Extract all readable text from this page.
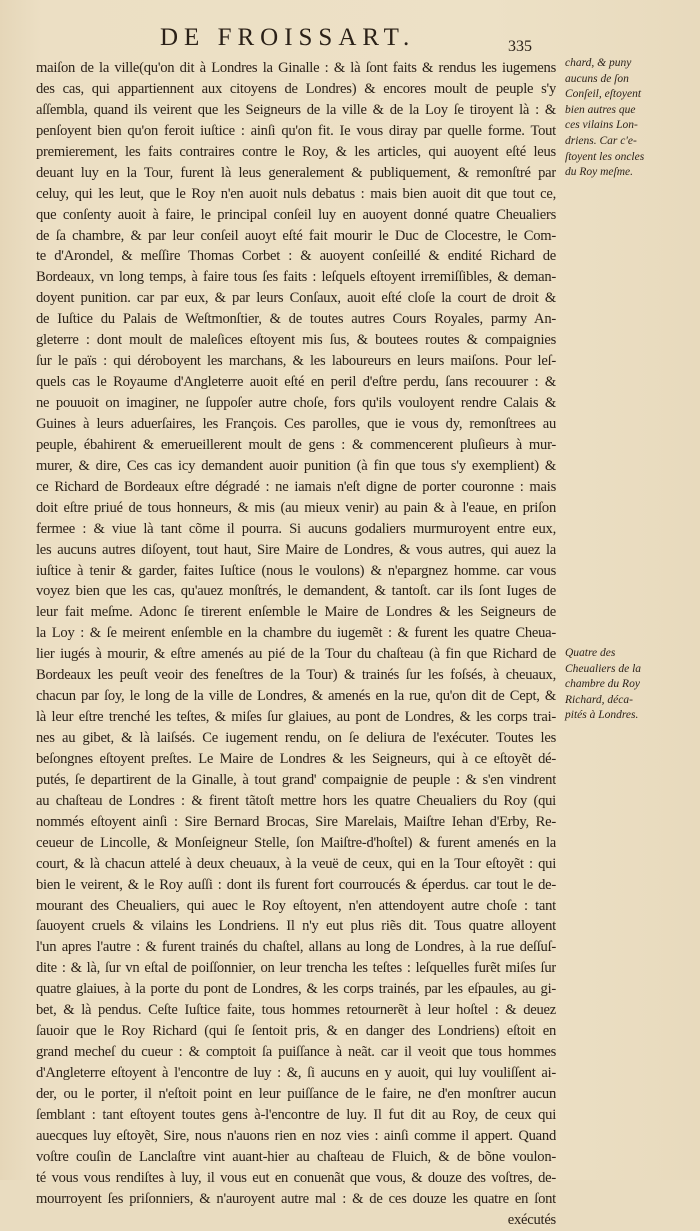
DE FROISSART.	335
maiſon de la ville(qu'on dit à Londres la Ginalle : & là ſont faits & rendus les iugemens
des cas, qui appartiennent aux citoyens de Londres) & encores moult de peuple s'y
aſſembla, quand ils veirent que les Seigneurs de la ville & de la Loy ſe tiroyent là : &
penſoyent bien qu'on feroit iuſtice : ainſi qu'on fit. Ie vous diray par quelle forme. Tout
premierement, les faits contraires contre le Roy, & les articles, qui auoyent eſté leus
deuant luy en la Tour, furent là leus generalement & publiquement, & remonſtré par
celuy, qui les leut, que le Roy n'en auoit nuls debatus : mais bien auoit dit que tout ce,
que conſenty auoit à faire, le principal conſeil luy en auoyent donné quatre Cheualiers
de ſa chambre, & par leur conſeil auoyt eſté fait mourir le Duc de Clocestre, le Com-
te d'Arondel, & meſſire Thomas Corbet : & auoyent conſeillé & endité Richard de
Bordeaux, vn long temps, à faire tous ſes faits : leſquels eſtoyent irremiſſibles, & deman-
doyent punition. car par eux, & par leurs Conſaux, auoit eſté cloſe la court de droit &
de Iuſtice du Palais de Weſtmonſtier, & de toutes autres Cours Royales, parmy An-
gleterre : dont moult de maleſices eſtoyent mis ſus, & boutees routes & compaignies
ſur le païs : qui déroboyent les marchans, & les laboureurs en leurs maiſons. Pour leſ-
quels cas le Royaume d'Angleterre auoit eſté en peril d'eſtre perdu, ſans recouurer : &
ne pouuoit on imaginer, ne ſuppoſer autre choſe, fors qu'ils vouloyent rendre Calais &
Guines à leurs aduerſaires, les François. Ces parolles, que ie vous dy, remonſtrees au
peuple, ébahirent & emerueillerent moult de gens : & commencerent pluſieurs à mur-
murer, & dire, Ces cas icy demandent auoir punition (à fin que tous s'y exemplient) &
ce Richard de Bordeaux eſtre dégradé : ne iamais n'eſt digne de porter couronne : mais
doit eſtre priué de tous honneurs, & mis (au mieux venir) au pain & à l'eaue, en priſon
fermee : & viue là tant cõme il pourra. Si aucuns godaliers murmuroyent entre eux,
les aucuns autres diſoyent, tout haut, Sire Maire de Londres, & vous autres, qui auez la
iuſtice à tenir & garder, faites Iuſtice (nous le voulons) & n'epargnez homme. car vous
voyez bien que les cas, qu'auez monſtrés, le demandent, & tantoſt. car ils ſont Iuges de
leur fait meſme. Adonc ſe tirerent enſemble le Maire de Londres & les Seigneurs de
la Loy : & ſe meirent enſemble en la chambre du iugemẽt : & furent les quatre Cheua-
lier iugés à mourir, & eſtre amenés au pié de la Tour du chaſteau (à fin que Richard de
Bordeaux les peuſt veoir des feneſtres de la Tour) & trainés ſur les foſsés, à cheuaux,
chacun par ſoy, le long de la ville de Londres, & amenés en la rue, qu'on dit de Cept, &
là leur eſtre trenché les teſtes, & miſes ſur glaiues, au pont de Londres, & les corps trai-
nes au gibet, & là laiſsés. Ce iugement rendu, on ſe deliura de l'exécuter. Toutes les
beſongnes eſtoyent preſtes. Le Maire de Londres & les Seigneurs, qui à ce eſtoyẽt dé-
putés, ſe departirent de la Ginalle, à tout grand' compaignie de peuple : & s'en vindrent
au chaſteau de Londres : & firent tãtoſt mettre hors les quatre Cheualiers du Roy (qui
nommés eſtoyent ainſi : Sire Bernard Brocas, Sire Marelais, Maiſtre Iehan d'Erby, Re-
ceueur de Lincolle, & Monſeigneur Stelle, ſon Maiſtre-d'hoſtel) & furent amenés en la
court, & là chacun attelé à deux cheuaux, à la veuë de ceux, qui en la Tour eſtoyẽt : qui
bien le veirent, & le Roy auſſi : dont ils furent fort courroucés & éperdus. car tout le de-
mourant des Cheualiers, qui auec le Roy eſtoyent, n'en attendoyent autre choſe : tant
ſauoyent cruels & vilains les Londriens. Il n'y eut plus riẽs dit. Tous quatre alloyent
l'un apres l'autre : & furent trainés du chaſtel, allans au long de Londres, à la rue deſſuſ-
dite : & là, ſur vn eſtal de poiſſonnier, on leur trencha les teſtes : leſquelles furẽt miſes ſur
quatre glaiues, à la porte du pont de Londres, & les corps trainés, par les eſpaules, au gi-
bet, & là pendus. Ceſte Iuſtice faite, tous hommes retournerẽt à leur hoſtel : & deuez
ſauoir que le Roy Richard (qui ſe ſentoit pris, & en danger des Londriens) eſtoit en
grand mecheſ du cueur : & comptoit ſa puiſſance à neãt. car il veoit que tous hommes
d'Angleterre eſtoyent à l'encontre de luy : &, ſi aucuns en y auoit, qui luy vouliſſent ai-
der, ou le porter, il n'eſtoit point en leur puiſſance de le faire, ne d'en monſtrer aucun
ſemblant : tant eſtoyent toutes gens à-l'encontre de luy. Il fut dit au Roy, de ceux qui
auecques luy eſtoyẽt, Sire, nous n'auons rien en noz vies : ainſi comme il appert. Quand
voſtre couſin de Lanclaſtre vint auant-hier au chaſteau de Fluich, & de bõne voulon-
té vous vous rendiſtes à luy, il vous eut en conuenãt que vous, & douze des voſtres, de-
mourroyent ſes priſonniers, & n'auroyent autre mal : & de ces douze les quatre en ſont
exécutés
chard, & puny
aucuns de ſon
Conſeil, eſtoyent
bien autres que
ces vilains Lon-
driens. Car c'e-
ſtoyent les oncles
du Roy meſme.
Quatre des
Cheualiers de la
chambre du Roy
Richard, déca-
pités à Londres.
